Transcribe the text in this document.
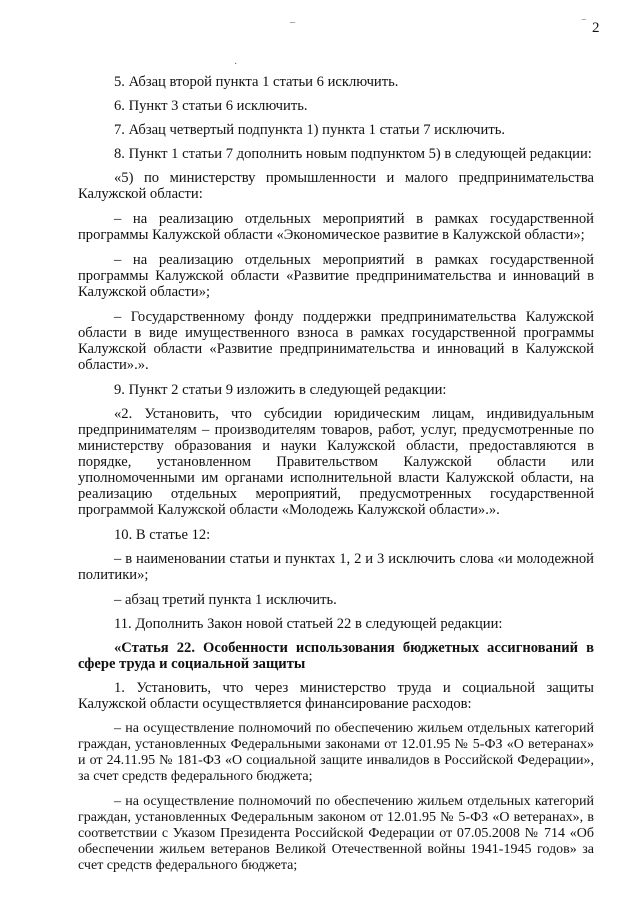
–
·
‾ 2

5. Абзац второй пункта 1 статьи 6 исключить.

6. Пункт 3 статьи 6 исключить.

7. Абзац четвертый подпункта 1) пункта 1 статьи 7 исключить.

8. Пункт 1 статьи 7 дополнить новым подпунктом 5) в следующей редакции:

«5) по министерству промышленности и малого предпринимательства Калужской области:

– на реализацию отдельных мероприятий в рамках государственной программы Калужской области «Экономическое развитие в Калужской области»;

– на реализацию отдельных мероприятий в рамках государственной программы Калужской области «Развитие предпринимательства и инноваций в Калужской области»;

– Государственному фонду поддержки предпринимательства Калужской области в виде имущественного взноса в рамках государственной программы Калужской области «Развитие предпринимательства и инноваций в Калужской области».».

9. Пункт 2 статьи 9 изложить в следующей редакции:

«2. Установить, что субсидии юридическим лицам, индивидуальным предпринимателям – производителям товаров, работ, услуг, предусмотренные по министерству образования и науки Калужской области, предоставляются в порядке, установленном Правительством Калужской области или уполномоченными им органами исполнительной власти Калужской области, на реализацию отдельных мероприятий, предусмотренных государственной программой Калужской области «Молодежь Калужской области».».

10. В статье 12:

– в наименовании статьи и пунктах 1, 2 и 3 исключить слова «и молодежной политики»;

– абзац третий пункта 1 исключить.

11. Дополнить Закон новой статьей 22 в следующей редакции:

«Статья 22. Особенности использования бюджетных ассигнований в сфере труда и социальной защиты

1. Установить, что через министерство труда и социальной защиты Калужской области осуществляется финансирование расходов:

– на осуществление полномочий по обеспечению жильем отдельных категорий граждан, установленных Федеральными законами от 12.01.95 № 5-ФЗ «О ветеранах» и от 24.11.95 № 181-ФЗ «О социальной защите инвалидов в Российской Федерации», за счет средств федерального бюджета;

– на осуществление полномочий по обеспечению жильем отдельных категорий граждан, установленных Федеральным законом от 12.01.95 № 5-ФЗ «О ветеранах», в соответствии с Указом Президента Российской Федерации от 07.05.2008 № 714 «Об обеспечении жильем ветеранов Великой Отечественной войны 1941-1945 годов» за счет средств федерального бюджета;
